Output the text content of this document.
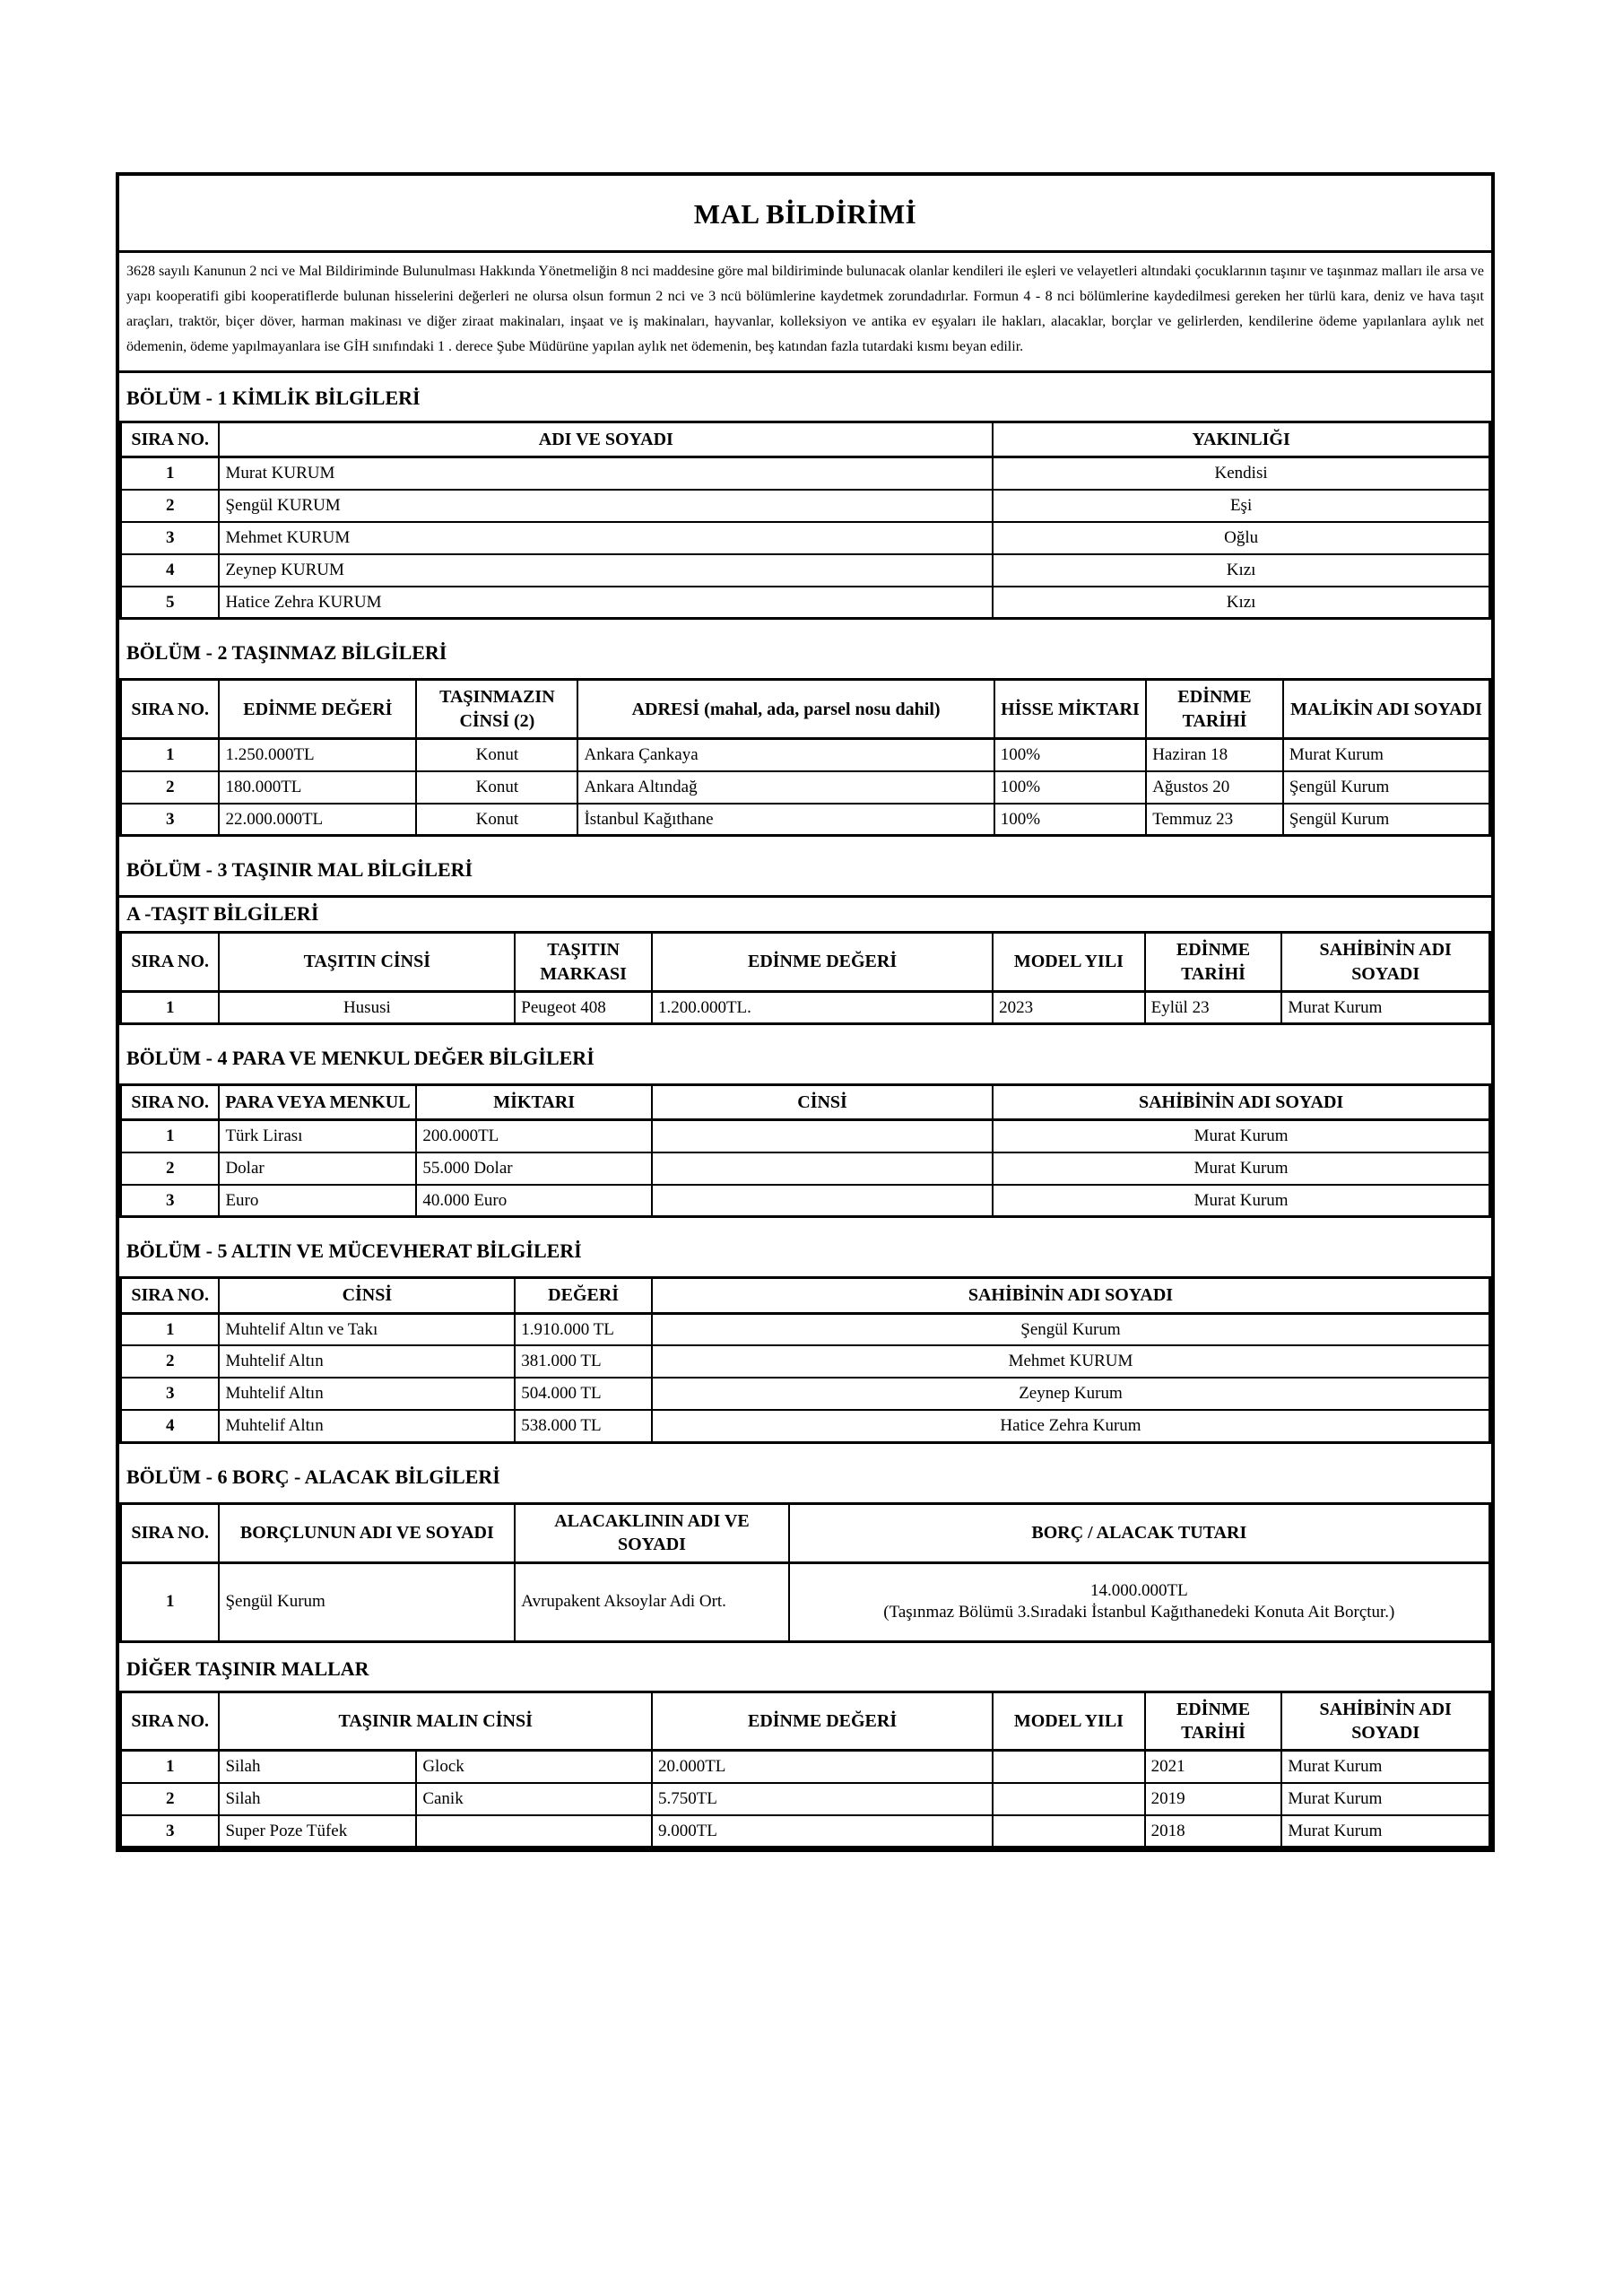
MAL BİLDİRİMİ
3628 sayılı Kanunun 2 nci ve Mal Bildiriminde Bulunulması Hakkında Yönetmeliğin 8 nci maddesine göre mal bildiriminde bulunacak olanlar kendileri ile eşleri ve velayetleri altındaki çocuklarının taşınır ve taşınmaz malları ile arsa ve yapı kooperatifi gibi kooperatiflerde bulunan hisselerini değerleri ne olursa olsun formun 2 nci ve 3 ncü bölümlerine kaydetmek zorundadırlar. Formun 4 - 8 nci bölümlerine kaydedilmesi gereken her türlü kara, deniz ve hava taşıt araçları, traktör, biçer döver, harman makinası ve diğer ziraat makinaları, inşaat ve iş makinaları, hayvanlar, kolleksiyon ve antika ev eşyaları ile hakları, alacaklar, borçlar ve gelirlerden, kendilerine ödeme yapılanlara aylık net ödemenin, ödeme yapılmayanlara ise GİH sınıfındaki 1 . derece Şube Müdürüne yapılan aylık net ödemenin, beş katından fazla tutardaki kısmı beyan edilir.
BÖLÜM - 1 KİMLİK BİLGİLERİ
SIRA NO.	ADI VE SOYADI	YAKINLIĞI
1	Murat KURUM	Kendisi
2	Şengül KURUM	Eşi
3	Mehmet KURUM	Oğlu
4	Zeynep KURUM	Kızı
5	Hatice Zehra KURUM	Kızı
BÖLÜM - 2 TAŞINMAZ BİLGİLERİ
SIRA NO.	EDİNME DEĞERİ	TAŞINMAZIN CİNSİ (2)	ADRESİ (mahal, ada, parsel nosu dahil)	HİSSE MİKTARI	EDİNME TARİHİ	MALİKİN ADI SOYADI
1	1.250.000TL	Konut	Ankara Çankaya	100%	Haziran 18	Murat Kurum
2	180.000TL	Konut	Ankara Altındağ	100%	Ağustos 20	Şengül Kurum
3	22.000.000TL	Konut	İstanbul Kağıthane	100%	Temmuz 23	Şengül Kurum
BÖLÜM - 3 TAŞINIR MAL BİLGİLERİ
A -TAŞIT BİLGİLERİ
SIRA NO.	TAŞITIN CİNSİ	TAŞITIN MARKASI	EDİNME DEĞERİ	MODEL YILI	EDİNME TARİHİ	SAHİBİNİN ADI SOYADI
1	Hususi	Peugeot 408	1.200.000TL.	2023	Eylül 23	Murat Kurum
BÖLÜM - 4 PARA VE MENKUL DEĞER BİLGİLERİ
SIRA NO.	PARA VEYA MENKUL	MİKTARI	CİNSİ	SAHİBİNİN ADI SOYADI
1	Türk Lirası	200.000TL		Murat Kurum
2	Dolar	55.000 Dolar		Murat Kurum
3	Euro	40.000 Euro		Murat Kurum
BÖLÜM - 5 ALTIN VE MÜCEVHERAT BİLGİLERİ
SIRA NO.	CİNSİ	DEĞERİ	SAHİBİNİN ADI SOYADI
1	Muhtelif Altın ve Takı	1.910.000 TL	Şengül Kurum
2	Muhtelif Altın	381.000 TL	Mehmet KURUM
3	Muhtelif Altın	504.000 TL	Zeynep Kurum
4	Muhtelif Altın	538.000 TL	Hatice Zehra Kurum
BÖLÜM - 6 BORÇ - ALACAK BİLGİLERİ
SIRA NO.	BORÇLUNUN ADI VE SOYADI	ALACAKLININ ADI VE SOYADI	BORÇ / ALACAK TUTARI
1	Şengül Kurum	Avrupakent Aksoylar Adi Ort.	14.000.000TL
(Taşınmaz Bölümü 3.Sıradaki İstanbul Kağıthanedeki Konuta Ait Borçtur.)
DİĞER TAŞINIR MALLAR
SIRA NO.	TAŞINIR MALIN CİNSİ		EDİNME DEĞERİ	MODEL YILI	EDİNME TARİHİ	SAHİBİNİN ADI SOYADI
1	Silah	Glock	20.000TL		2021	Murat Kurum
2	Silah	Canik	5.750TL		2019	Murat Kurum
3	Super Poze Tüfek		9.000TL		2018	Murat Kurum
